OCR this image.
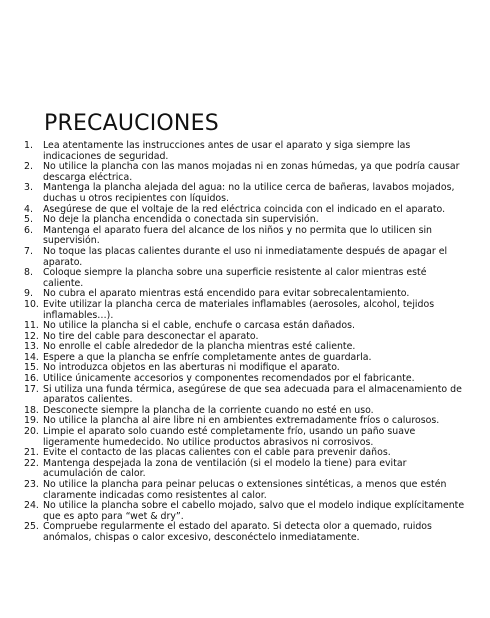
PRECAUCIONES
1.	Lea atentamente las instrucciones antes de usar el aparato y siga siempre las
indicaciones de seguridad.
2.	No utilice la plancha con las manos mojadas ni en zonas húmedas, ya que podría causar
descarga eléctrica.
3.	Mantenga la plancha alejada del agua: no la utilice cerca de bañeras, lavabos mojados,
duchas u otros recipientes con líquidos.
4.	Asegúrese de que el voltaje de la red eléctrica coincida con el indicado en el aparato.
5.	No deje la plancha encendida o conectada sin supervisión.
6.	Mantenga el aparato fuera del alcance de los niños y no permita que lo utilicen sin
supervisión.
7.	No toque las placas calientes durante el uso ni inmediatamente después de apagar el
aparato.
8.	Coloque siempre la plancha sobre una superficie resistente al calor mientras esté
caliente.
9.	No cubra el aparato mientras está encendido para evitar sobrecalentamiento.
10. Evite utilizar la plancha cerca de materiales inflamables (aerosoles, alcohol, tejidos
inflamables…).
11. No utilice la plancha si el cable, enchufe o carcasa están dañados.
12. No tire del cable para desconectar el aparato.
13. No enrolle el cable alrededor de la plancha mientras esté caliente.
14. Espere a que la plancha se enfríe completamente antes de guardarla.
15. No introduzca objetos en las aberturas ni modifique el aparato.
16. Utilice únicamente accesorios y componentes recomendados por el fabricante.
17. Si utiliza una funda térmica, asegúrese de que sea adecuada para el almacenamiento de
aparatos calientes.
18. Desconecte siempre la plancha de la corriente cuando no esté en uso.
19. No utilice la plancha al aire libre ni en ambientes extremadamente fríos o calurosos.
20. Limpie el aparato solo cuando esté completamente frío, usando un paño suave
ligeramente humedecido. No utilice productos abrasivos ni corrosivos.
21. Evite el contacto de las placas calientes con el cable para prevenir daños.
22. Mantenga despejada la zona de ventilación (si el modelo la tiene) para evitar
acumulación de calor.
23. No utilice la plancha para peinar pelucas o extensiones sintéticas, a menos que estén
claramente indicadas como resistentes al calor.
24. No utilice la plancha sobre el cabello mojado, salvo que el modelo indique explícitamente
que es apto para “wet & dry”.
25. Compruebe regularmente el estado del aparato. Si detecta olor a quemado, ruidos
anómalos, chispas o calor excesivo, desconéctelo inmediatamente.
